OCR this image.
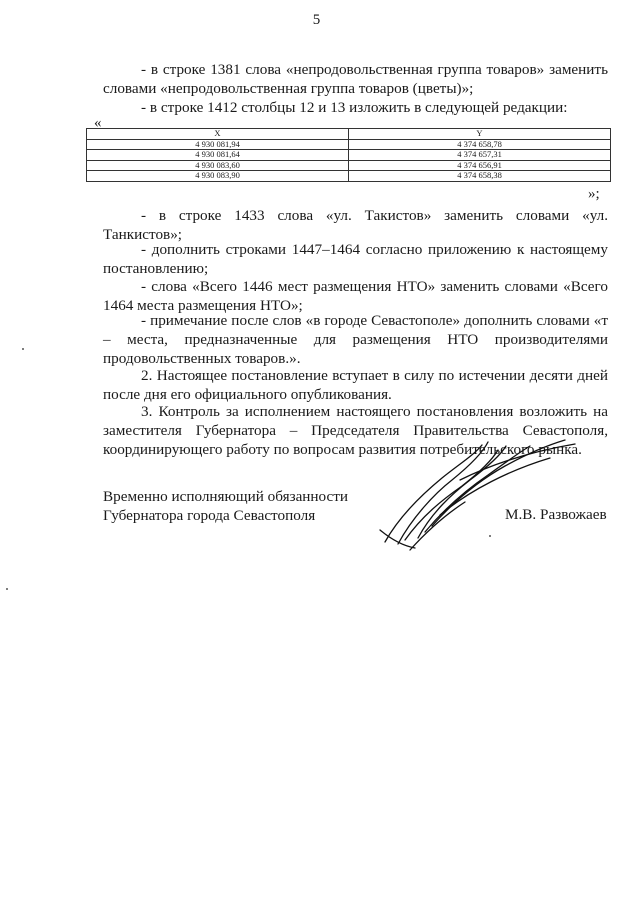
5

- в строке 1381 слова «непродовольственная группа товаров» заменить словами «непродовольственная группа товаров (цветы)»;

- в строке 1412 столбцы 12 и 13 изложить в следующей редакции:

«
X	Y
4 930 081,94	4 374 658,78
4 930 081,64	4 374 657,31
4 930 083,60	4 374 656,91
4 930 083,90	4 374 658,38
»;

- в строке 1433 слова «ул. Такистов» заменить словами «ул. Танкистов»;

- дополнить строками 1447–1464 согласно приложению к настоящему постановлению;

- слова «Всего 1446 мест размещения НТО» заменить словами «Всего 1464 места размещения НТО»;

- примечание после слов «в городе Севастополе» дополнить словами «т – места, предназначенные для размещения НТО производителями продовольственных товаров.».

2. Настоящее постановление вступает в силу по истечении десяти дней после дня его официального опубликования.

3. Контроль за исполнением настоящего постановления возложить на заместителя Губернатора – Председателя Правительства Севастополя, координирующего работу по вопросам развития потребительского рынка.

Временно исполняющий обязанности
Губернатора города Севастополя	М.В. Развожаев
